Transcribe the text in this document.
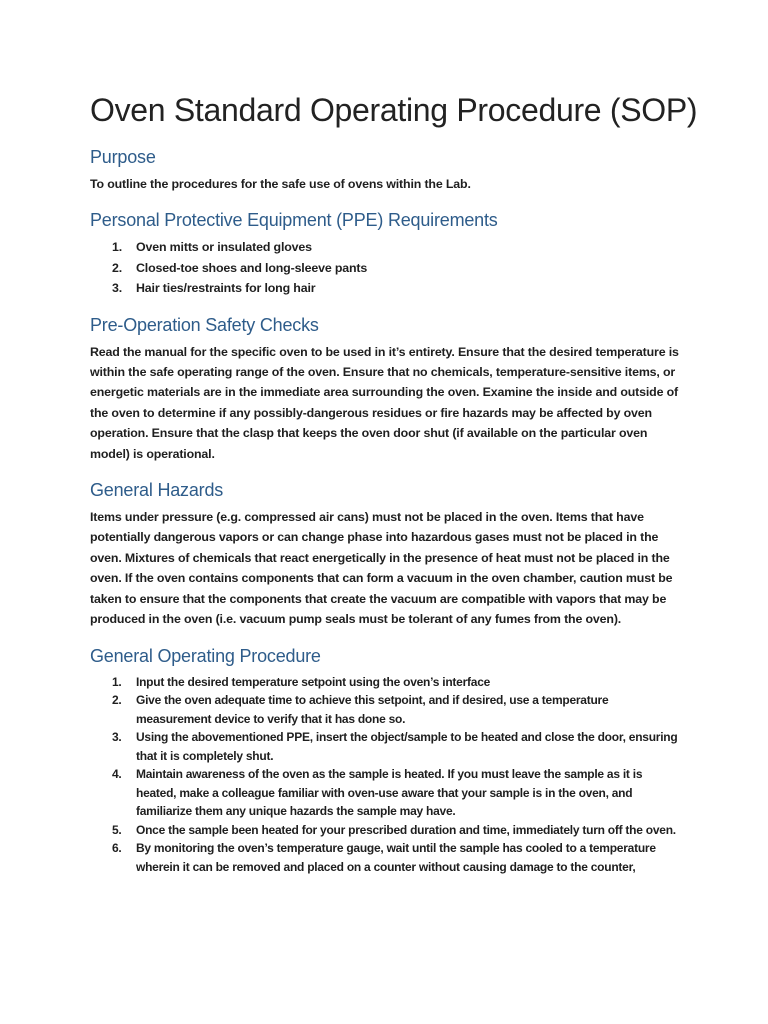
Oven Standard Operating Procedure (SOP)
Purpose

To outline the procedures for the safe use of ovens within the Lab.

Personal Protective Equipment (PPE) Requirements
1. Oven mitts or insulated gloves
2. Closed-toe shoes and long-sleeve pants
3. Hair ties/restraints for long hair
Pre-Operation Safety Checks

Read the manual for the specific oven to be used in it’s entirety. Ensure that the desired temperature is within the safe operating range of the oven. Ensure that no chemicals, temperature-sensitive items, or energetic materials are in the immediate area surrounding the oven. Examine the inside and outside of the oven to determine if any possibly-dangerous residues or fire hazards may be affected by oven operation. Ensure that the clasp that keeps the oven door shut (if available on the particular oven model) is operational.

General Hazards

Items under pressure (e.g. compressed air cans) must not be placed in the oven. Items that have potentially dangerous vapors or can change phase into hazardous gases must not be placed in the oven. Mixtures of chemicals that react energetically in the presence of heat must not be placed in the oven. If the oven contains components that can form a vacuum in the oven chamber, caution must be taken to ensure that the components that create the vacuum are compatible with vapors that may be produced in the oven (i.e. vacuum pump seals must be tolerant of any fumes from the oven).

General Operating Procedure
1. Input the desired temperature setpoint using the oven’s interface
2. Give the oven adequate time to achieve this setpoint, and if desired, use a temperature measurement device to verify that it has done so.
3. Using the abovementioned PPE, insert the object/sample to be heated and close the door, ensuring that it is completely shut.
4. Maintain awareness of the oven as the sample is heated. If you must leave the sample as it is heated, make a colleague familiar with oven-use aware that your sample is in the oven, and familiarize them any unique hazards the sample may have.
5. Once the sample been heated for your prescribed duration and time, immediately turn off the oven.
6. By monitoring the oven’s temperature gauge, wait until the sample has cooled to a temperature wherein it can be removed and placed on a counter without causing damage to the counter,
